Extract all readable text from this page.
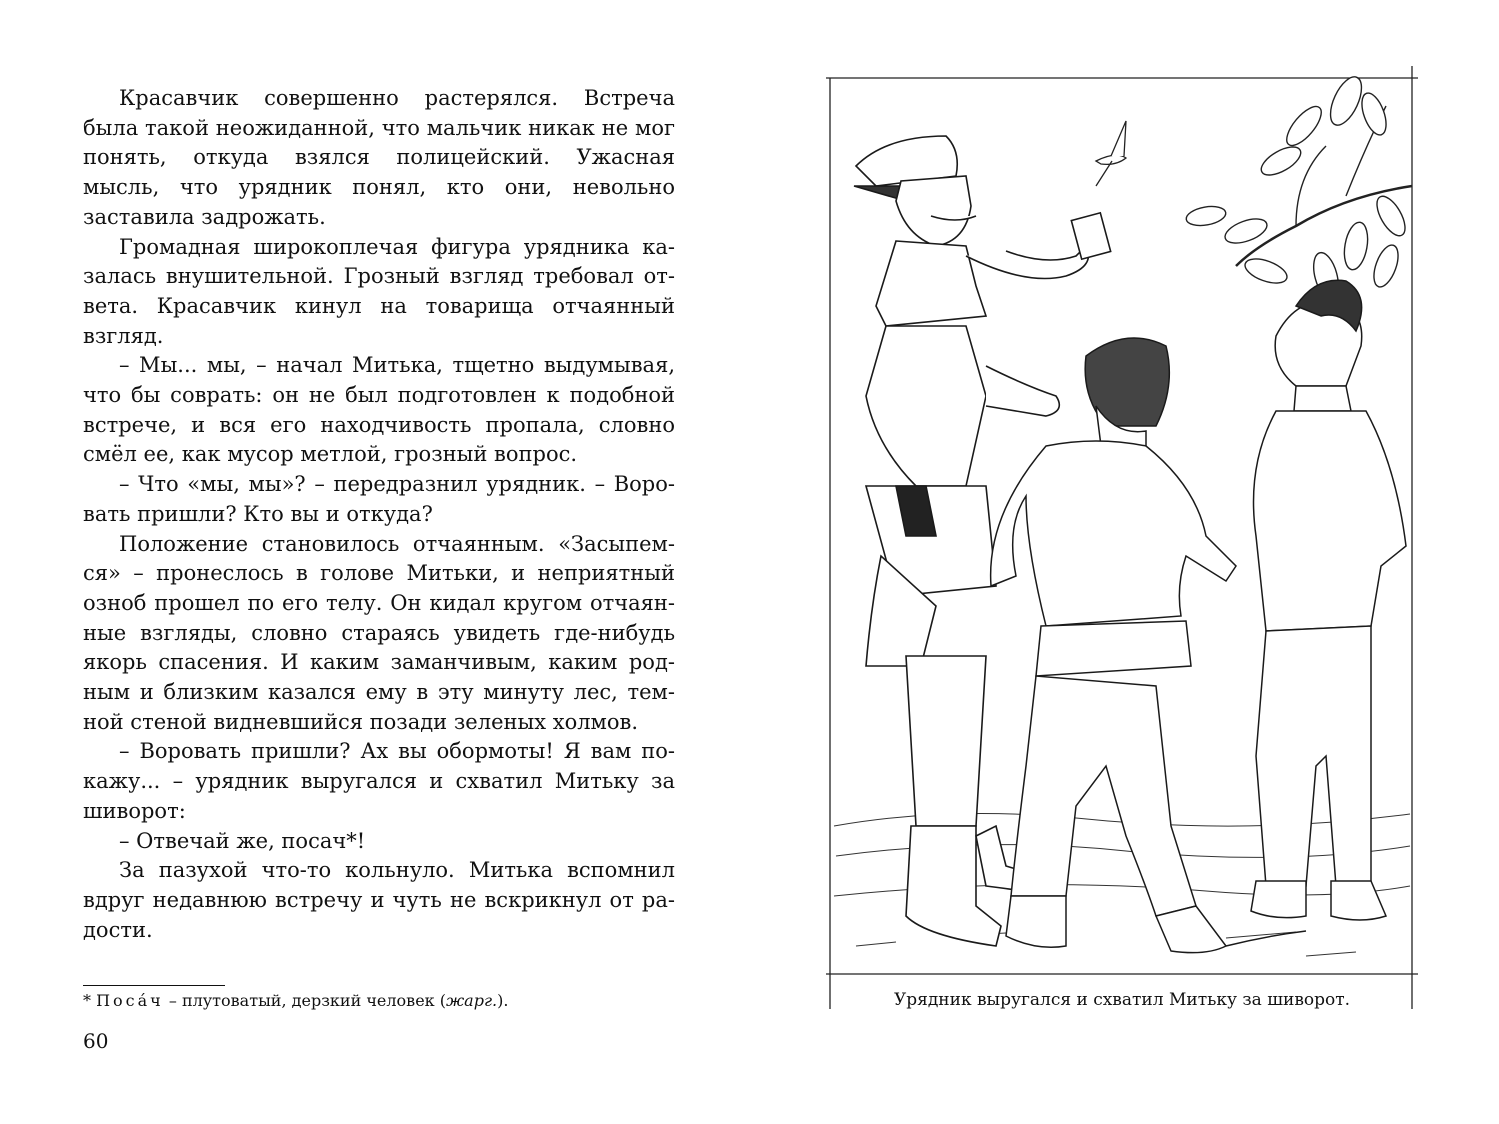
Красавчик совершенно растерялся. Встреча была такой неожиданной, что мальчик никак не мог понять, откуда взялся полицейский. Ужасная мысль, что урядник понял, кто они, невольно заставила задрожать.

Громадная широкоплечая фигура урядника казалась внушительной. Грозный взгляд требовал ответа. Красавчик кинул на товарища отчаянный взгляд.

– Мы... мы, – начал Митька, тщетно выдумывая, что бы соврать: он не был подготовлен к подобной встрече, и вся его находчивость пропала, словно смёл ее, как мусор метлой, грозный вопрос.

– Что «мы, мы»? – передразнил урядник. – Воровать пришли? Кто вы и откуда?

Положение становилось отчаянным. «Засыпемся» – пронеслось в голове Митьки, и неприятный озноб прошел по его телу. Он кидал кругом отчаянные взгляды, словно стараясь увидеть где-нибудь якорь спасения. И каким заманчивым, каким родным и близким казался ему в эту минуту лес, темной стеной видневшийся позади зеленых холмов.

– Воровать пришли? Ах вы обормоты! Я вам покажу... – урядник выругался и схватил Митьку за шиворот:

– Отвечай же, посач*!

За пазухой что-то кольнуло. Митька вспомнил вдруг недавнюю встречу и чуть не вскрикнул от радости.

* Поса́ч – плутоватый, дерзкий человек (жарг.).
60
Урядник выругался и схватил Митьку за шиворот.
